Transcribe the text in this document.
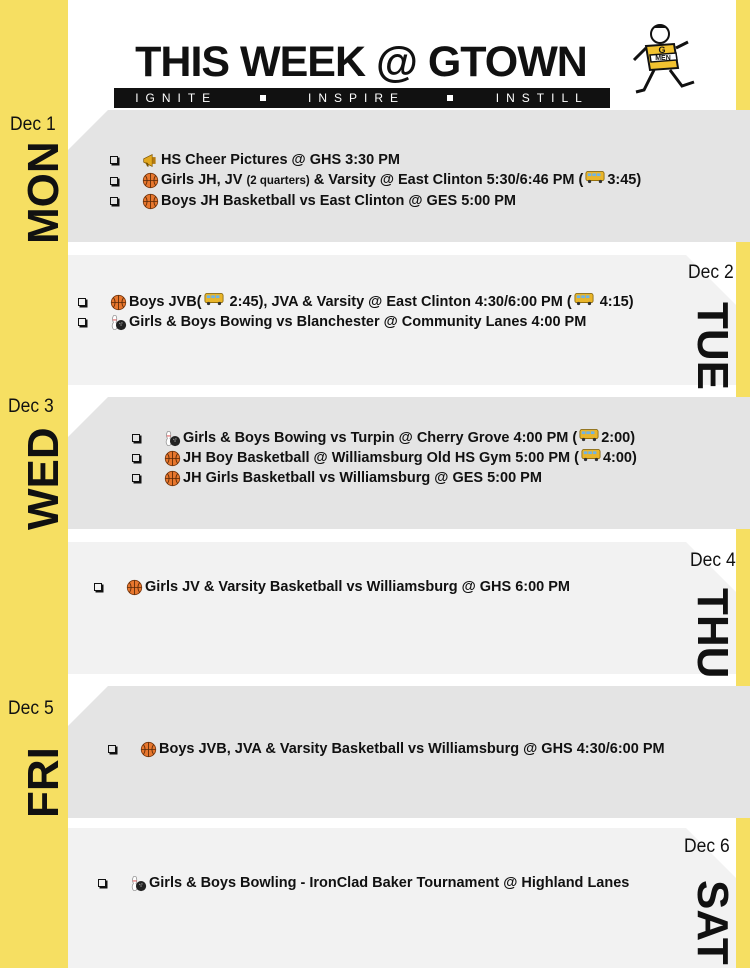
THIS WEEK @ GTOWN
IGNITE	INSPIRE	INSTILL
MEN
G
Dec 1
MON	HS Cheer Pictures @ GHS 3:30 PM
Girls JH, JV (2 quarters) & Varsity @ East Clinton 5:30/6:46 PM ( 3:45)
Boys JH Basketball vs East Clinton @ GES 5:00 PM
Dec 2
TUE
Boys JVB(
2:45), JVA & Varsity @ East Clinton 4:30/6:00 PM (
4:15)
Girls & Boys Bowing vs Blanchester @ Community Lanes 4:00 PM
Dec 3
WED	Girls & Boys Bowing vs Turpin @ Cherry Grove 4:00 PM ( 2:00)
JH Boy Basketball @ Williamsburg Old HS Gym 5:00 PM ( 4:00)
JH Girls Basketball vs Williamsburg @ GES 5:00 PM
Dec 4
THU
Girls JV & Varsity Basketball vs Williamsburg @ GHS 6:00 PM
Dec 5
FRI	Boys JVB, JVA & Varsity Basketball vs Williamsburg @ GHS 4:30/6:00 PM
Dec 6
SAT
Girls & Boys Bowling - IronClad Baker Tournament @ Highland Lanes
